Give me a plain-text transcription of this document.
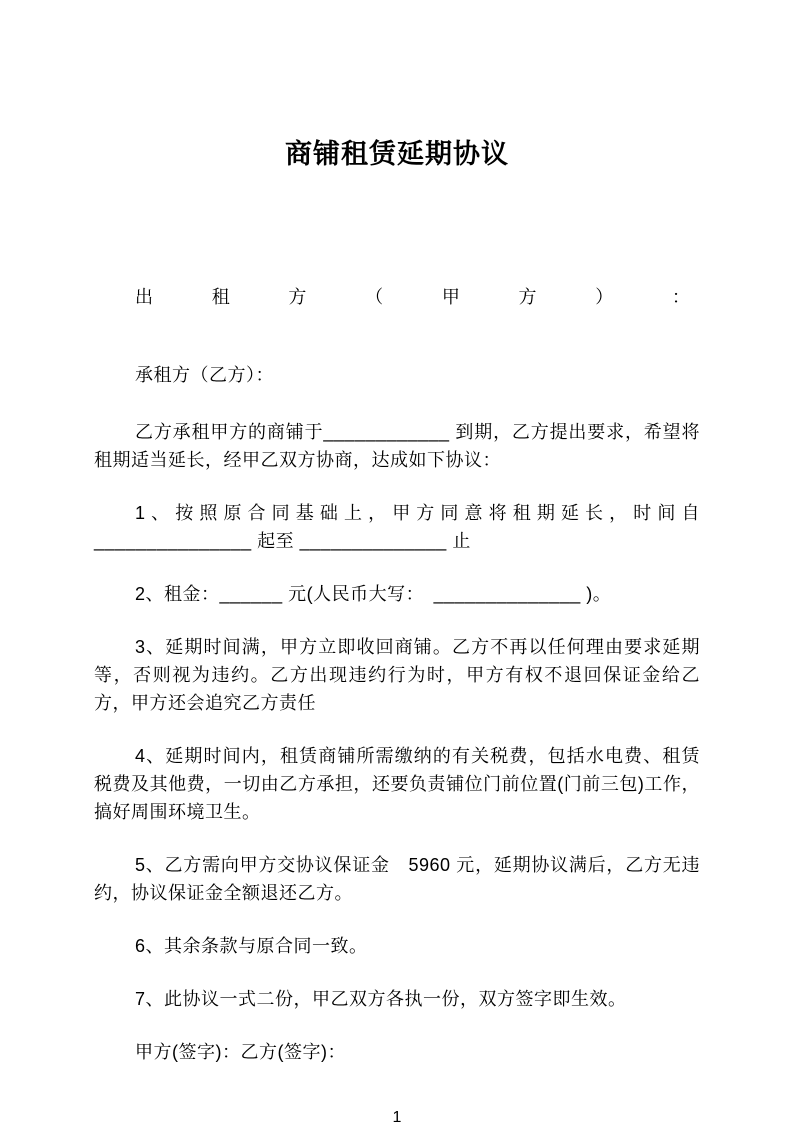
商铺租赁延期协议
出	租	方	（	甲	方	）	：

承租方（乙方）：

乙方承租甲方的商铺于____________ 到期，乙方提出要求，希望将租期适当延长，经甲乙双方协商，达成如下协议：

1、按照原合同基础上，甲方同意将租期延长，时间自_______________ 起至 ______________ 止

2、租金：______ 元(人民币大写：　______________ )。

3、延期时间满，甲方立即收回商铺。乙方不再以任何理由要求延期等，否则视为违约。乙方出现违约行为时，甲方有权不退回保证金给乙方，甲方还会追究乙方责任

4、延期时间内，租赁商铺所需缴纳的有关税费，包括水电费、租赁税费及其他费，一切由乙方承担，还要负责铺位门前位置(门前三包)工作，搞好周围环境卫生。

5、乙方需向甲方交协议保证金　5960 元，延期协议满后，乙方无违约，协议保证金全额退还乙方。

6、其余条款与原合同一致。

7、此协议一式二份，甲乙双方各执一份，双方签字即生效。

甲方(签字)：乙方(签字)：

1
